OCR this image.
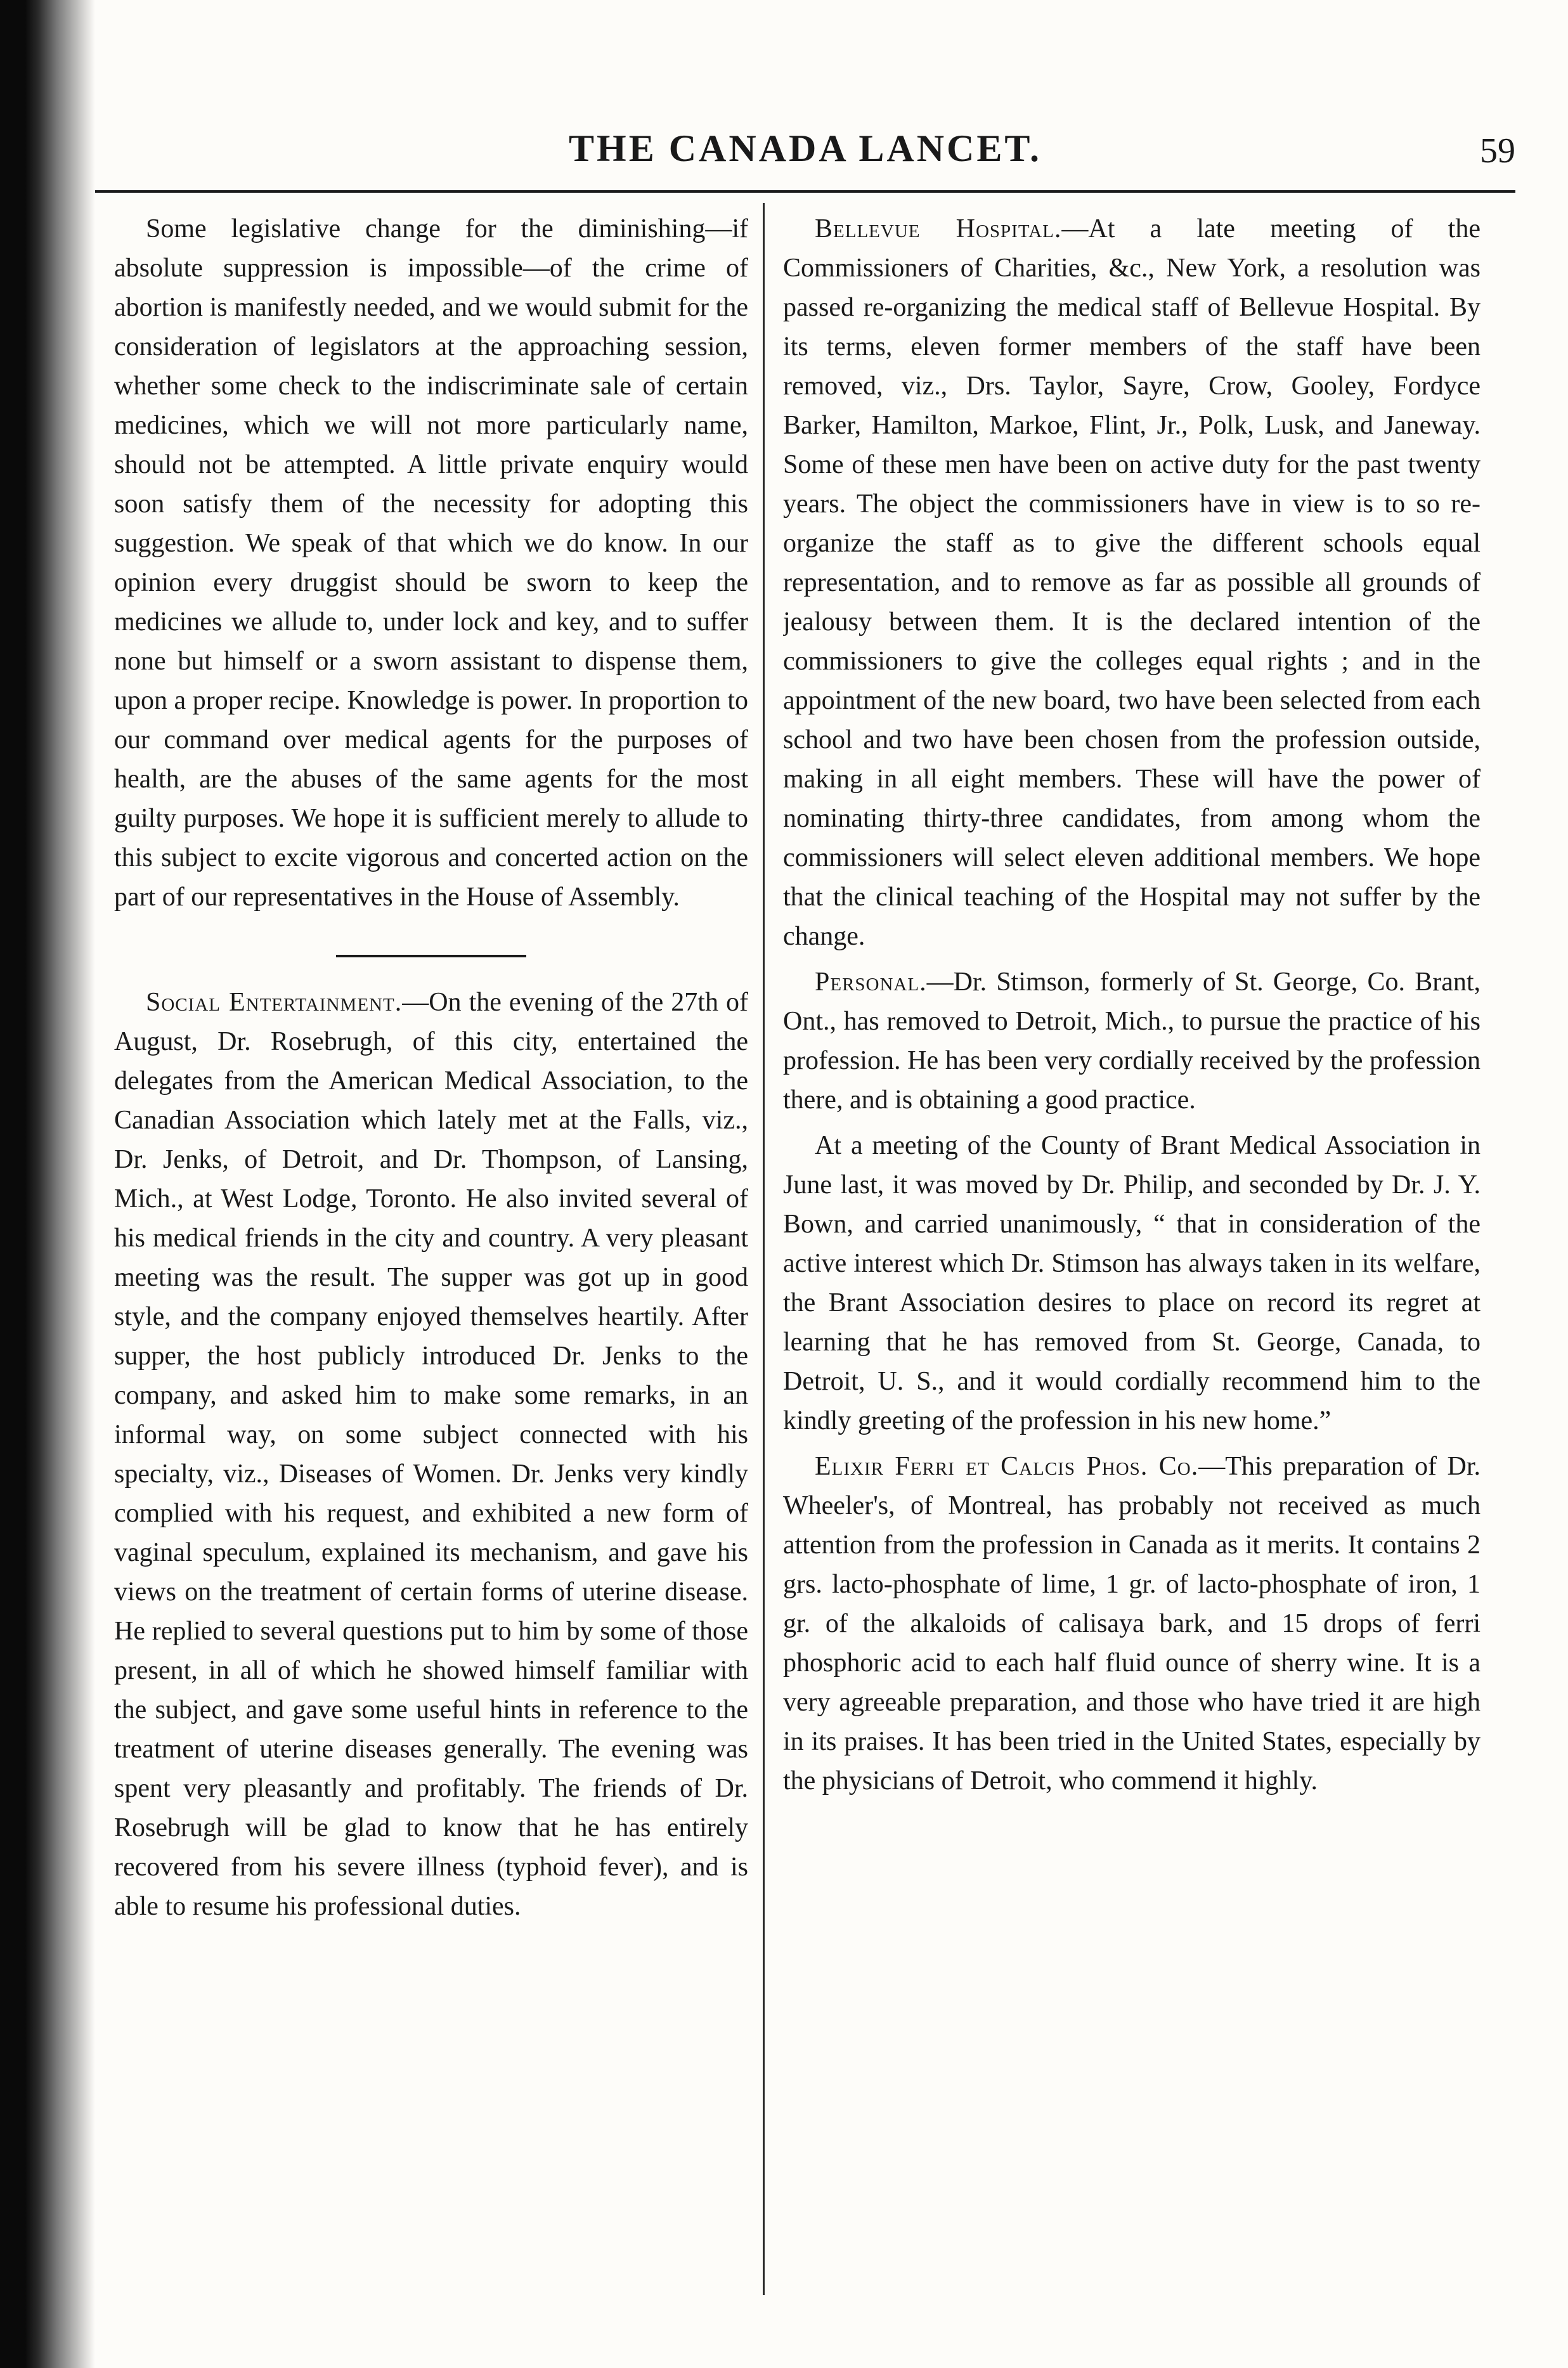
THE CANADA LANCET.	59

Some legislative change for the diminishing—if absolute suppression is impossible—of the crime of abortion is manifestly needed, and we would submit for the consideration of legislators at the approaching session, whether some check to the indiscriminate sale of certain medicines, which we will not more particularly name, should not be attempted. A little private enquiry would soon satisfy them of the necessity for adopting this suggestion. We speak of that which we do know. In our opinion every druggist should be sworn to keep the medicines we allude to, under lock and key, and to suffer none but himself or a sworn assistant to dispense them, upon a proper recipe. Knowledge is power. In proportion to our command over medical agents for the purposes of health, are the abuses of the same agents for the most guilty purposes. We hope it is sufficient merely to allude to this subject to excite vigorous and concerted action on the part of our representatives in the House of Assembly.

Social Entertainment.—On the evening of the 27th of August, Dr. Rosebrugh, of this city, entertained the delegates from the American Medical Association, to the Canadian Association which lately met at the Falls, viz., Dr. Jenks, of Detroit, and Dr. Thompson, of Lansing, Mich., at West Lodge, Toronto. He also invited several of his medical friends in the city and country. A very pleasant meeting was the result. The supper was got up in good style, and the company enjoyed themselves heartily. After supper, the host publicly introduced Dr. Jenks to the company, and asked him to make some remarks, in an informal way, on some subject connected with his specialty, viz., Diseases of Women. Dr. Jenks very kindly complied with his request, and exhibited a new form of vaginal speculum, explained its mechanism, and gave his views on the treatment of certain forms of uterine disease. He replied to several questions put to him by some of those present, in all of which he showed himself familiar with the subject, and gave some useful hints in reference to the treatment of uterine diseases generally. The evening was spent very pleasantly and profitably. The friends of Dr. Rosebrugh will be glad to know that he has entirely recovered from his severe illness (typhoid fever), and is able to resume his professional duties.

Bellevue Hospital.—At a late meeting of the Commissioners of Charities, &c., New York, a resolution was passed re-organizing the medical staff of Bellevue Hospital. By its terms, eleven former members of the staff have been removed, viz., Drs. Taylor, Sayre, Crow, Gooley, Fordyce Barker, Hamilton, Markoe, Flint, Jr., Polk, Lusk, and Janeway. Some of these men have been on active duty for the past twenty years. The object the commissioners have in view is to so re-organize the staff as to give the different schools equal representation, and to remove as far as possible all grounds of jealousy between them. It is the declared intention of the commissioners to give the colleges equal rights ; and in the appointment of the new board, two have been selected from each school and two have been chosen from the profession outside, making in all eight members. These will have the power of nominating thirty-three candidates, from among whom the commissioners will select eleven additional members. We hope that the clinical teaching of the Hospital may not suffer by the change.

Personal.—Dr. Stimson, formerly of St. George, Co. Brant, Ont., has removed to Detroit, Mich., to pursue the practice of his profession. He has been very cordially received by the profession there, and is obtaining a good practice.

At a meeting of the County of Brant Medical Association in June last, it was moved by Dr. Philip, and seconded by Dr. J. Y. Bown, and carried unanimously, “ that in consideration of the active interest which Dr. Stimson has always taken in its welfare, the Brant Association desires to place on record its regret at learning that he has removed from St. George, Canada, to Detroit, U. S., and it would cordially recommend him to the kindly greeting of the profession in his new home.”

Elixir Ferri et Calcis Phos. Co.—This preparation of Dr. Wheeler's, of Montreal, has probably not received as much attention from the profession in Canada as it merits. It contains 2 grs. lacto-phosphate of lime, 1 gr. of lacto-phosphate of iron, 1 gr. of the alkaloids of calisaya bark, and 15 drops of ferri phosphoric acid to each half fluid ounce of sherry wine. It is a very agreeable preparation, and those who have tried it are high in its praises. It has been tried in the United States, especially by the physicians of Detroit, who commend it highly.
